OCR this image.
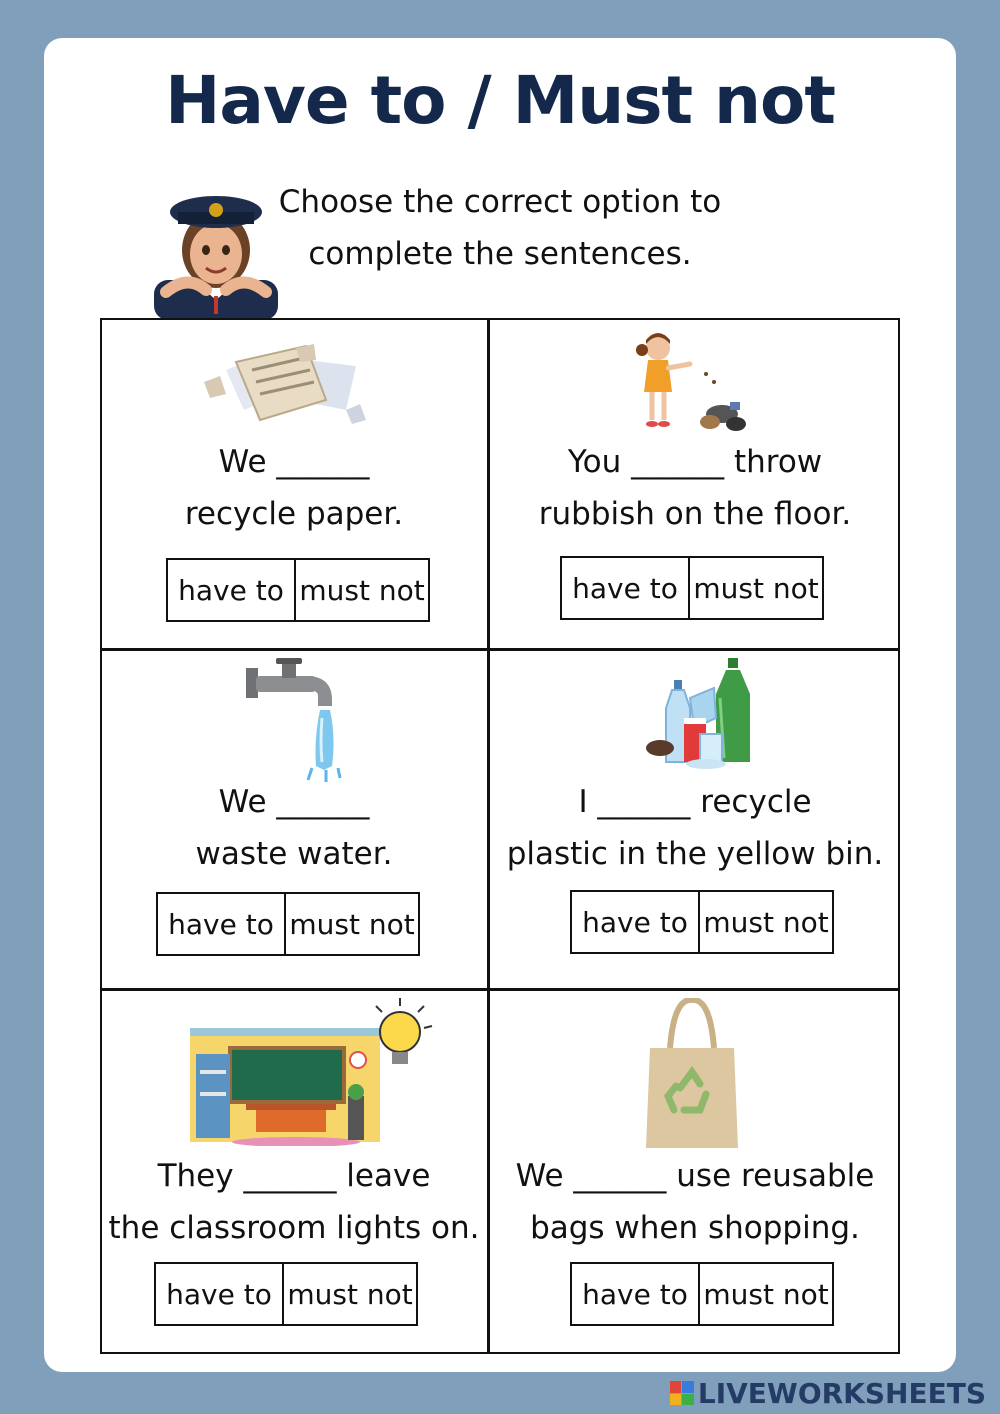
Have to / Must not
Choose the correct option to
complete the sentences.
We ______
recycle paper.
have to must not
You ______ throw
rubbish on the floor.
have to must not
We ______
waste water.
have to must not
I ______ recycle
plastic in the yellow bin.
have to must not
They ______ leave
the classroom lights on.
have to must not
We ______ use reusable
bags when shopping.
have to must not
LIVEWORKSHEETS
